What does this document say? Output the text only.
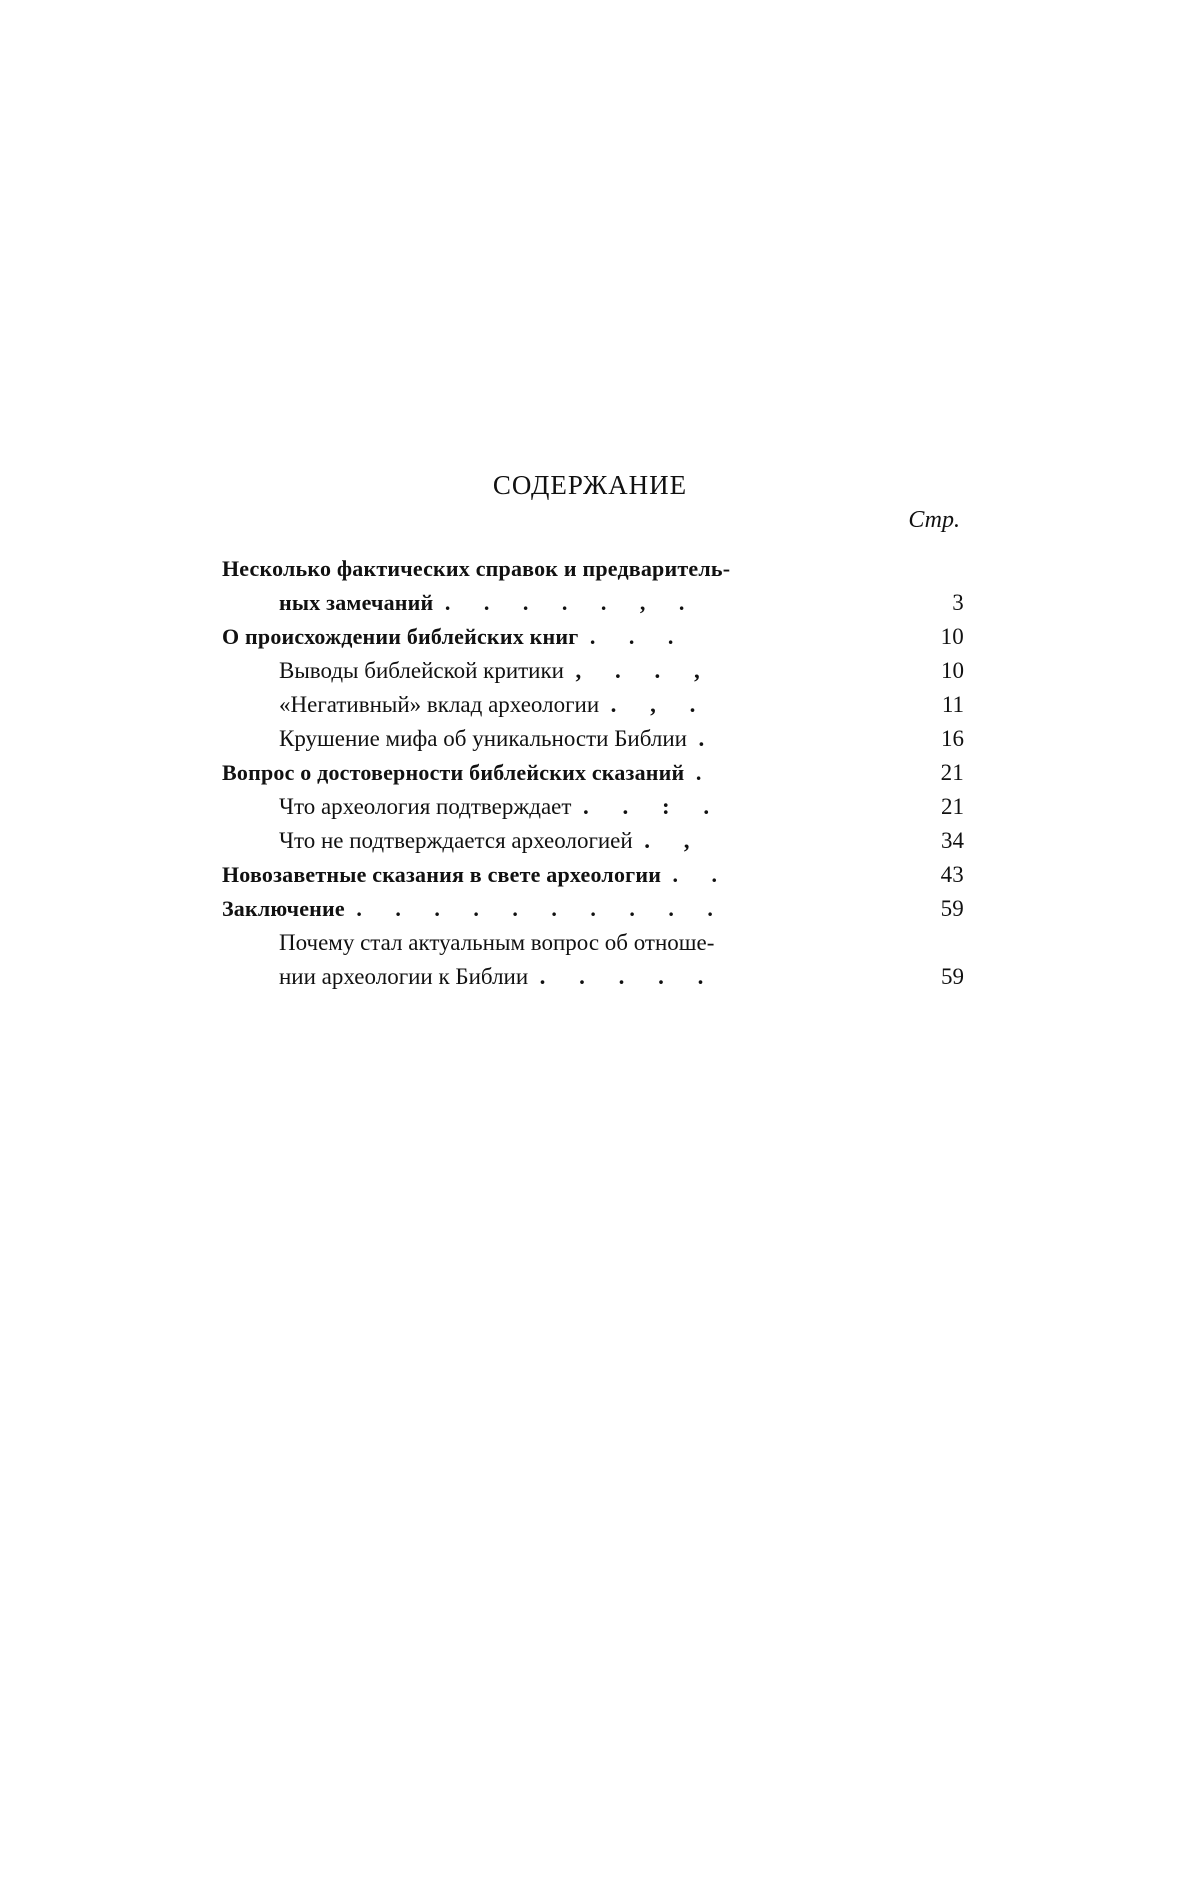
СОДЕРЖАНИЕ
Стр.
Несколько фактических справок и предваритель-
ных замечаний . . . . . , .	3
О происхождении библейских книг . . .	10
Выводы библейской критики , . . ,	10
«Негативный» вклад археологии . , .	11
Крушение мифа об уникальности Библии .	16
Вопрос о достоверности библейских сказаний .	21
Что археология подтверждает . . : .	21
Что не подтверждается археологией . ,	34
Новозаветные сказания в свете археологии . .	43
Заключение . . . . . . . . . .	59
Почему стал актуальным вопрос об отноше-
нии археологии к Библии . . . . .	59
